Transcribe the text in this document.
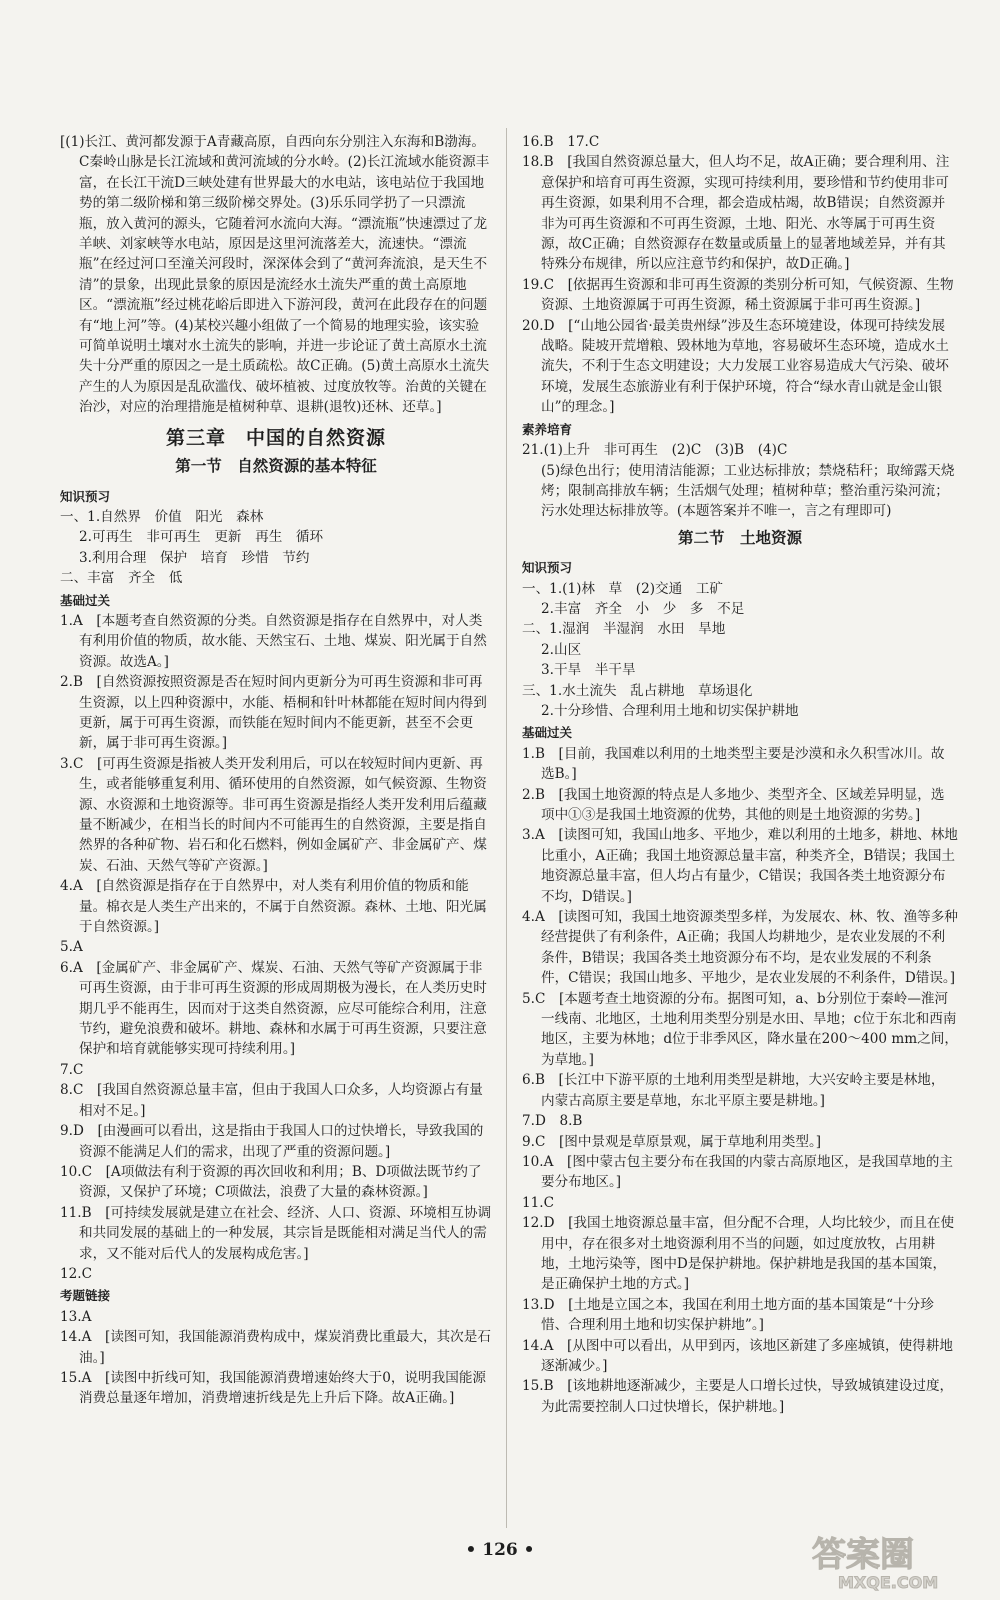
[(1)长江、黄河都发源于A青藏高原，自西向东分别注入东海和B渤海。C秦岭山脉是长江流域和黄河流域的分水岭。(2)长江流域水能资源丰富，在长江干流D三峡处建有世界最大的水电站，该电站位于我国地势的第二级阶梯和第三级阶梯交界处。(3)乐乐同学扔了一只漂流瓶，放入黄河的源头，它随着河水流向大海。“漂流瓶”快速漂过了龙羊峡、刘家峡等水电站，原因是这里河流落差大，流速快。“漂流瓶”在经过河口至潼关河段时，深深体会到了“黄河奔流浪，是天生不清”的景象，出现此景象的原因是流经水土流失严重的黄土高原地区。“漂流瓶”经过桃花峪后即进入下游河段，黄河在此段存在的问题有“地上河”等。(4)某校兴趣小组做了一个简易的地理实验，该实验可简单说明土壤对水土流失的影响，并进一步论证了黄土高原水土流失十分严重的原因之一是土质疏松。故C正确。(5)黄土高原水土流失产生的人为原因是乱砍滥伐、破坏植被、过度放牧等。治黄的关键在治沙，对应的治理措施是植树种草、退耕(退牧)还林、还草。]

第三章　中国的自然资源
第一节　自然资源的基本特征
知识预习

一、1.自然界　价值　阳光　森林

2.可再生　非可再生　更新　再生　循环

3.利用合理　保护　培育　珍惜　节约

二、丰富　齐全　低

基础过关

1.A　[本题考查自然资源的分类。自然资源是指存在自然界中，对人类有利用价值的物质，故水能、天然宝石、土地、煤炭、阳光属于自然资源。故选A。]

2.B　[自然资源按照资源是否在短时间内更新分为可再生资源和非可再生资源，以上四种资源中，水能、梧桐和针叶林都能在短时间内得到更新，属于可再生资源，而铁能在短时间内不能更新，甚至不会更新，属于非可再生资源。]

3.C　[可再生资源是指被人类开发利用后，可以在较短时间内更新、再生，或者能够重复利用、循环使用的自然资源，如气候资源、生物资源、水资源和土地资源等。非可再生资源是指经人类开发利用后蕴藏量不断减少，在相当长的时间内不可能再生的自然资源，主要是指自然界的各种矿物、岩石和化石燃料，例如金属矿产、非金属矿产、煤炭、石油、天然气等矿产资源。]

4.A　[自然资源是指存在于自然界中，对人类有利用价值的物质和能量。棉衣是人类生产出来的，不属于自然资源。森林、土地、阳光属于自然资源。]

5.A

6.A　[金属矿产、非金属矿产、煤炭、石油、天然气等矿产资源属于非可再生资源，由于非可再生资源的形成周期极为漫长，在人类历史时期几乎不能再生，因而对于这类自然资源，应尽可能综合利用，注意节约，避免浪费和破坏。耕地、森林和水属于可再生资源，只要注意保护和培育就能够实现可持续利用。]

7.C

8.C　[我国自然资源总量丰富，但由于我国人口众多，人均资源占有量相对不足。]

9.D　[由漫画可以看出，这是指由于我国人口的过快增长，导致我国的资源不能满足人们的需求，出现了严重的资源问题。]

10.C　[A项做法有利于资源的再次回收和利用；B、D项做法既节约了资源，又保护了环境；C项做法，浪费了大量的森林资源。]

11.B　[可持续发展就是建立在社会、经济、人口、资源、环境相互协调和共同发展的基础上的一种发展，其宗旨是既能相对满足当代人的需求，又不能对后代人的发展构成危害。]

12.C

考题链接

13.A

14.A　[读图可知，我国能源消费构成中，煤炭消费比重最大，其次是石油。]

15.A　[读图中折线可知，我国能源消费增速始终大于0，说明我国能源消费总量逐年增加，消费增速折线是先上升后下降。故A正确。]

16.B　17.C

18.B　[我国自然资源总量大，但人均不足，故A正确；要合理利用、注意保护和培育可再生资源，实现可持续利用，要珍惜和节约使用非可再生资源，如果利用不合理，都会造成枯竭，故B错误；自然资源并非为可再生资源和不可再生资源，土地、阳光、水等属于可再生资源，故C正确；自然资源存在数量或质量上的显著地域差异，并有其特殊分布规律，所以应注意节约和保护，故D正确。]

19.C　[依据再生资源和非可再生资源的类别分析可知，气候资源、生物资源、土地资源属于可再生资源，稀土资源属于非可再生资源。]

20.D　[“山地公园省·最美贵州绿”涉及生态环境建设，体现可持续发展战略。陡坡开荒增粮、毁林地为草地，容易破坏生态环境，造成水土流失，不利于生态文明建设；大力发展工业容易造成大气污染、破坏环境，发展生态旅游业有利于保护环境，符合“绿水青山就是金山银山”的理念。]

素养培育

21.(1)上升　非可再生　(2)C　(3)B　(4)C

(5)绿色出行；使用清洁能源；工业达标排放；禁烧秸秆；取缔露天烧烤；限制高排放车辆；生活烟气处理；植树种草；整治重污染河流；污水处理达标排放等。(本题答案并不唯一，言之有理即可)

第二节　土地资源
知识预习

一、1.(1)林　草　(2)交通　工矿

2.丰富　齐全　小　少　多　不足

二、1.湿润　半湿润　水田　旱地

2.山区

3.干旱　半干旱

三、1.水土流失　乱占耕地　草场退化

2.十分珍惜、合理利用土地和切实保护耕地

基础过关

1.B　[目前，我国难以利用的土地类型主要是沙漠和永久积雪冰川。故选B。]

2.B　[我国土地资源的特点是人多地少、类型齐全、区域差异明显，选项中①③是我国土地资源的优势，其他的则是土地资源的劣势。]

3.A　[读图可知，我国山地多、平地少，难以利用的土地多，耕地、林地比重小，A正确；我国土地资源总量丰富，种类齐全，B错误；我国土地资源总量丰富，但人均占有量少，C错误；我国各类土地资源分布不均，D错误。]

4.A　[读图可知，我国土地资源类型多样，为发展农、林、牧、渔等多种经营提供了有利条件，A正确；我国人均耕地少，是农业发展的不利条件，B错误；我国各类土地资源分布不均，是农业发展的不利条件，C错误；我国山地多、平地少，是农业发展的不利条件，D错误。]

5.C　[本题考查土地资源的分布。据图可知，a、b分别位于秦岭—淮河一线南、北地区，土地利用类型分别是水田、旱地；c位于东北和西南地区，主要为林地；d位于非季风区，降水量在200～400 mm之间，为草地。]

6.B　[长江中下游平原的土地利用类型是耕地，大兴安岭主要是林地，内蒙古高原主要是草地，东北平原主要是耕地。]

7.D　8.B

9.C　[图中景观是草原景观，属于草地利用类型。]

10.A　[图中蒙古包主要分布在我国的内蒙古高原地区，是我国草地的主要分布地区。]

11.C

12.D　[我国土地资源总量丰富，但分配不合理，人均比较少，而且在使用中，存在很多对土地资源利用不当的问题，如过度放牧，占用耕地，土地污染等，图中D是保护耕地。保护耕地是我国的基本国策，是正确保护土地的方式。]

13.D　[土地是立国之本，我国在利用土地方面的基本国策是“十分珍惜、合理利用土地和切实保护耕地”。]

14.A　[从图中可以看出，从甲到丙，该地区新建了多座城镇，使得耕地逐渐减少。]

15.B　[该地耕地逐渐减少，主要是人口增长过快，导致城镇建设过度，为此需要控制人口过快增长，保护耕地。]

• 126 •	答案圈
MXQE.COM
